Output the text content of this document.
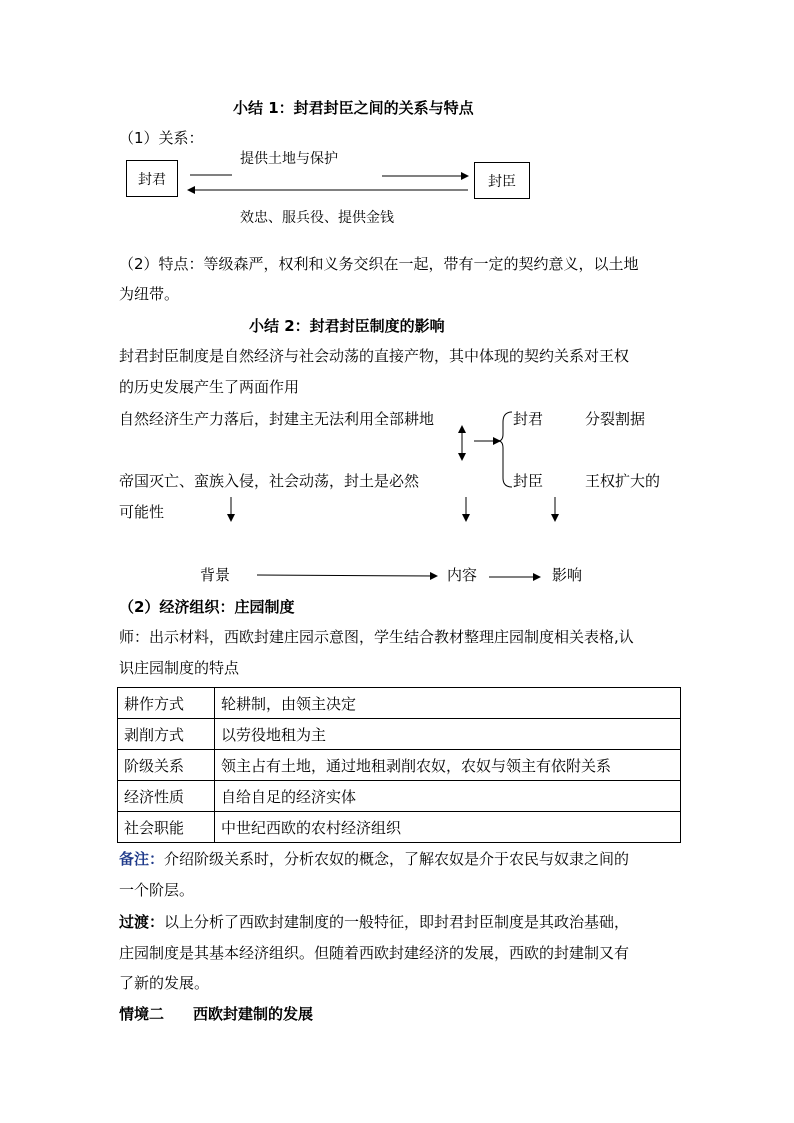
小结 1：封君封臣之间的关系与特点
（1）关系：
封君	封臣
提供土地与保护
效忠、服兵役、提供金钱
（2）特点：等级森严，权利和义务交织在一起，带有一定的契约意义，以土地
为纽带。
小结 2：封君封臣制度的影响
封君封臣制度是自然经济与社会动荡的直接产物，其中体现的契约关系对王权
的历史发展产生了两面作用
自然经济生产力落后，封建主无法利用全部耕地
帝国灭亡、蛮族入侵，社会动荡，封土是必然
可能性
封君
封臣
分裂割据
王权扩大的
背景	内容	影响
（2）经济组织：庄园制度
师：出示材料，西欧封建庄园示意图，学生结合教材整理庄园制度相关表格,认
识庄园制度的特点
耕作方式	轮耕制，由领主决定
剥削方式	以劳役地租为主
阶级关系	领主占有土地，通过地租剥削农奴，农奴与领主有依附关系
经济性质	自给自足的经济实体
社会职能	中世纪西欧的农村经济组织
备注：介绍阶级关系时，分析农奴的概念，了解农奴是介于农民与奴隶之间的
一个阶层。
过渡：以上分析了西欧封建制度的一般特征，即封君封臣制度是其政治基础，
庄园制度是其基本经济组织。但随着西欧封建经济的发展，西欧的封建制又有
了新的发展。
情境二 西欧封建制的发展
